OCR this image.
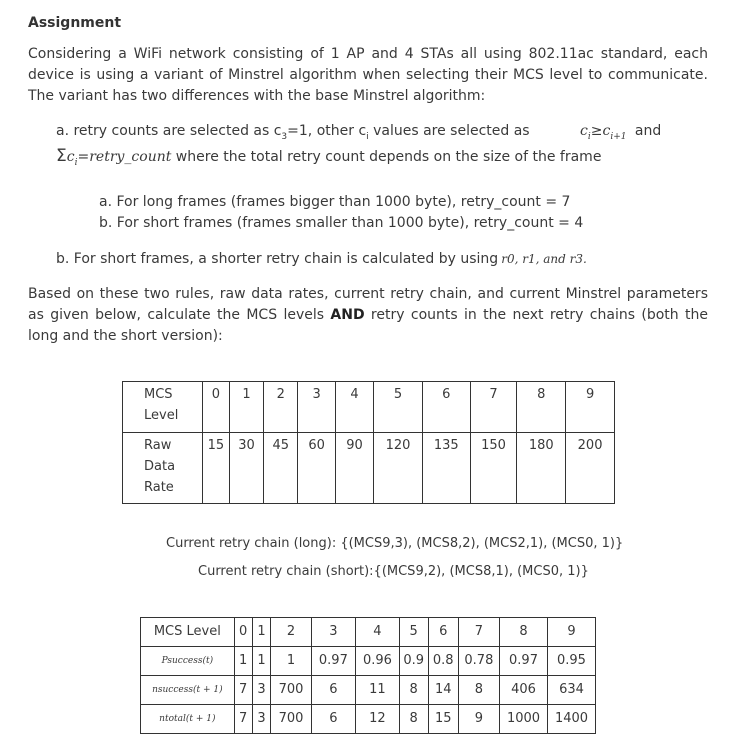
Assignment
Considering a WiFi network consisting of 1 AP and 4 STAs all using 802.11ac standard, each device is using a variant of Minstrel algorithm when selecting their MCS level to communicate. The variant has two differences with the base Minstrel algorithm:
a. retry counts are selected as $c_3=1$, other $c_i$ values are selected as	$c_i\ge c_{i+1}$ and
$\Sigma c_i=retry\_count$ where the total retry count depends on the size of the frame
a. For long frames (frames bigger than 1000 byte), retry_count = 7
b. For short frames (frames smaller than 1000 byte), retry_count = 4
b. For short frames, a shorter retry chain is calculated by using r0, r1, and r3.
Based on these two rules, raw data rates, current retry chain, and current Minstrel parameters as given below, calculate the MCS levels AND retry counts in the next retry chains (both the long and the short version):
MCS Level	0	1	2	3	4	5	6	7	8	9
Raw Data Rate	15	30	45	60	90	120	135	150	180	200
Current retry chain (long): {(MCS9,3), (MCS8,2), (MCS2,1), (MCS0, 1)}
Current retry chain (short):{(MCS9,2), (MCS8,1), (MCS0, 1)}
MCS Level	0	1	2	3	4	5	6	7	8	9
Psuccess(t)	1	1	1	0.97	0.96	0.9	0.8	0.78	0.97	0.95
nsuccess(t + 1)	7	3	700	6	11	8	14	8	406	634
ntotal(t + 1)	7	3	700	6	12	8	15	9	1000	1400
